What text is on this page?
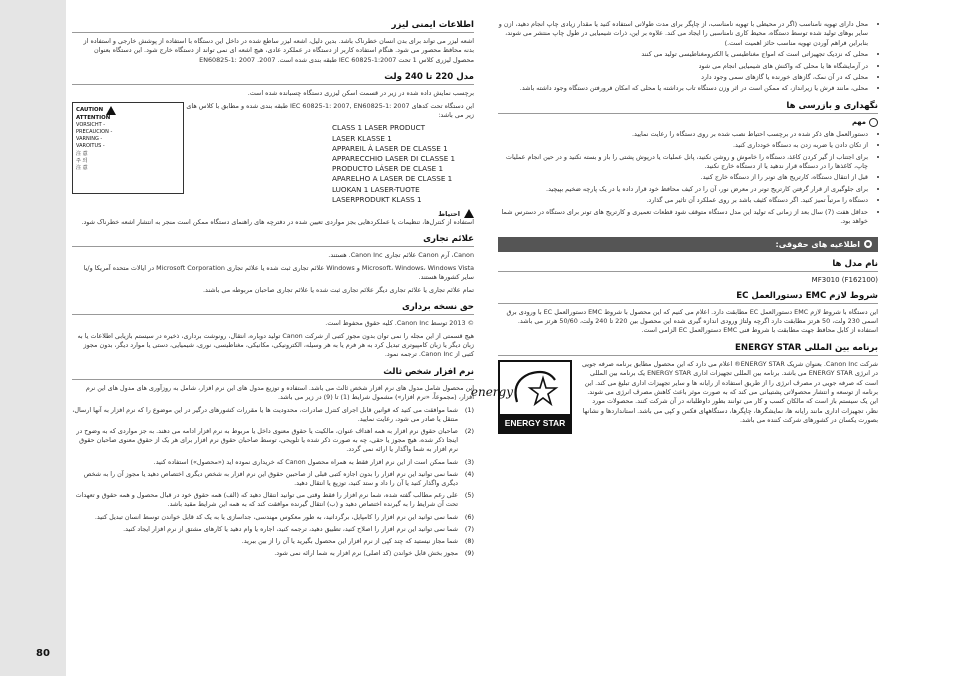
80
اطلاعات ایمنی لیزر

اشعه لیزر می تواند برای بدن انسان خطرناک باشد. بدین دلیل، اشعه لیزر ساطع شده در داخل این دستگاه با استفاده از پوشش خارجی و استفاده از بدنه محافظ محصور می شود. هنگام استفاده کاربر از دستگاه در عملکرد عادی، هیچ اشعه ای نمی تواند از دستگاه خارج شود. این دستگاه بعنوان محصول لیزری کلاس 1 تحت IEC 60825-1:2007 طبقه بندی شده است. EN60825-1: 2007 .2007

مدل 220 تا 240 ولت

برچسب نمایش داده شده در زیر در قسمت اسکن لیزری دستگاه چسبانده شده است.

CAUTION
ATTENTION
VORSICHT -
PRECAUCION -
VARNING -
VAROITUS -
注 意
주 의
注 意

این دستگاه تحت کدهای IEC 60825-1: 2007, EN60825-1: 2007 طبقه بندی شده و مطابق با کلاس های زیر می باشد:

CLASS 1 LASER PRODUCT
LASER KLASSE 1
APPAREIL À LASER DE CLASSE 1
APPARECCHIO LASER DI CLASSE 1
PRODUCTO LÁSER DE CLASE 1
APARELHO A LASER DE CLASSE 1
LUOKAN 1 LASER-TUOTE
LASERPRODUKT KLASS 1
احتیاط

استفاده از کنترل‌ها، تنظیمات یا عملکردهایی بجز مواردی تعیین شده در دفترچه های راهنمای دستگاه ممکن است منجر به انتشار اشعه خطرناک شود.

علائم تجاری

Canon، آرم Canon علائم تجاری Canon Inc. هستند.

Microsoft، Windows، Windows Vista و Windows علائم تجاری ثبت شده یا علائم تجاری Microsoft Corporation در ایالات متحده آمریکا و/یا سایر کشورها هستند.

تمام علائم تجاری یا علائم تجاری دیگر علائم تجاری ثبت شده یا علائم تجاری صاحبان مربوطه می باشند.

حق نسخه برداری

© 2013 توسط Canon Inc. کلیه حقوق محفوظ است.

هیچ قسمتی از این مجله را نمی توان بدون مجوز کتبی از شرکت Canon تولید دوباره، انتقال، رونوشت برداری، ذخیره در سیستم بازیابی اطلاعات یا به زبان دیگر یا زبان کامپیوتری تبدیل کرد به هر فرم یا به هر وسیله، الکترونیکی، مکانیکی، مغناطیسی، نوری، شیمیایی، دستی یا موارد دیگر، بدون مجوز کتبی از Canon Inc. ترجمه نمود.

نرم افزار شخص ثالث

این محصول شامل مدول های نرم افزار شخص ثالث می باشد. استفاده و توزیع مدول های این نرم افزار، شامل به روزآوری های مدول های این نرم افزار، (مجموعاً، «نرم افزار») مشمول شرایط (1) تا (9) در زیر می باشد.

(1)
شما موافقت می کنید که قوانین قابل اجرای کنترل صادرات، محدودیت ها یا مقررات کشورهای درگیر در این موضوع را که نرم افزار به آنها ارسال، منتقل یا صادر می شود، رعایت نمایید.
(2)
صاحبان حقوق نرم افزار به همه اهداف عنوان، مالکیت یا حقوق معنوی داخل یا مربوط به نرم افزار ادامه می دهند. به جز مواردی که به وضوح در اینجا ذکر شده، هیچ مجوز یا حقی، چه به صورت ذکر شده یا تلویحی، توسط صاحبان حقوق نرم افزار برای هر یک از حقوق معنوی صاحبان حقوق نرم افزار به شما واگذار یا ارائه نمی گردد.
(3)
شما ممکن است از این نرم افزار فقط به همراه محصول Canon که خریداری نموده اید («محصول») استفاده کنید.
(4)
شما نمی توانید این نرم افزار را بدون اجازه کتبی قبلی از صاحبین حقوق این نرم افزار به شخص دیگری اختصاص دهید یا مجوز آن را به شخص دیگری واگذار کنید یا آن را داد و ستد کنید، توزیع یا انتقال دهید.
(5)
علی رغم مطالب گفته شده، شما نرم افزار را فقط وقتی می توانید انتقال دهید که (الف) همه حقوق خود در قبال محصول و همه حقوق و تعهدات تحت آن شرایط را به گیرنده اختصاص دهید و (ب) انتقال گیرنده موافقت کند که به همه این شرایط مقید باشد.
(6)
شما نمی توانید این نرم افزار را کامپایل، برگردانید، به طور معکوس مهندسی، جداسازی یا به یک کد قابل خواندن توسط انسان تبدیل کنید.
(7)
شما نمی توانید این نرم افزار را اصلاح کنید، تطبیق دهید، ترجمه کنید، اجاره یا وام دهید یا کارهای مشتق از نرم افزار ایجاد کنید.
(8)
شما مجاز نیستید که چند کپی از نرم افزار این محصول بگیرید یا آن را از بین ببرید.
(9)
مجوز بخش قابل خواندن (کد اصلی) نرم افزار به شما ارائه نمی شود.
• محل دارای تهویه نامناسب (اگر در محیطی با تهویه نامناسب، از چاپگر برای مدت طولانی استفاده کنید یا مقدار زیادی چاپ انجام دهید، ازن و سایر بوهای تولید شده توسط دستگاه، محیط کاری نامناسبی را ایجاد می کند. علاوه بر این، ذرات شیمیایی در طول چاپ منتشر می شوند، بنابراین فراهم آوردن تهویه مناسب حائز اهمیت است.)
• محلی که نزدیک تجهیزاتی است که امواج مغناطیسی یا الکترومغناطیسی تولید می کنند
• در آزمایشگاه ها یا محلی که واکنش های شیمیایی انجام می شود
• محلی که در آن نمک، گازهای خورنده یا گازهای سمی وجود دارد
• محلی، مانند فرش یا زیرانداز، که ممکن است در اثر وزن دستگاه تاب برداشته یا محلی که امکان فرورفتن دستگاه وجود داشته باشد.
نگهداری و بازرسی ها
مهم
• دستورالعمل های ذکر شده در برچسب احتیاط نصب شده بر روی دستگاه را رعایت نمایید.
• از تکان دادن یا ضربه زدن به دستگاه خودداری کنید.
• برای اجتناب از گیر کردن کاغذ، دستگاه را خاموش و روشن نکنید، پانل عملیات یا درپوش پشتی را باز و بسته نکنید و در حین انجام عملیات چاپ، کاغذها را در دستگاه قرار ندهید یا از دستگاه خارج نکنید.
• قبل از انتقال دستگاه، کارتریج های تونر را از دستگاه خارج کنید.
• برای جلوگیری از قرار گرفتن کارتریج تونر در معرض نور، آن را در کیف محافظ خود قرار داده یا در یک پارچه ضخیم بپیچید.
• دستگاه را مرتباً تمیز کنید. اگر دستگاه کثیف باشد بر روی عملکرد آن تاثیر می گذارد.
• حداقل هفت (7) سال بعد از زمانی که تولید این مدل دستگاه متوقف شود قطعات تعمیری و کارتریج های تونر برای دستگاه در دسترس شما خواهد بود.
اطلاعیه های حقوقی:
نام مدل ها
MF3010 (F162100)
شروط لازم EMC دستورالعمل EC

این دستگاه با شروط لازم EMC دستورالعمل EC مطابقت دارد. اعلام می کنیم که این محصول با شروط EMC دستورالعمل EC با ورودی برق اسمی 230 ولت، 50 هرتز مطابقت دارد اگرچه ولتاژ ورودی اندازه گیری شده این محصول بین 220 تا 240 ولت، 50/60 هرتز می باشد. استفاده از کابل محافظ جهت مطابقت با شروط فنی EMC دستورالعمل EC الزامی است.

برنامه بین المللی ENERGY STAR

شرکت Canon Inc. بعنوان شریک ENERGY STAR® اعلام می دارد که این محصول مطابق برنامه صرفه جویی در انرژی ENERGY STAR می باشد. برنامه بین المللی تجهیزات اداری ENERGY STAR یک برنامه بین المللی است که صرفه جویی در مصرف انرژی را از طریق استفاده از رایانه ها و سایر تجهیزات اداری تبلیغ می کند. این برنامه از توسعه و انتشار محصولاتی پشتیبانی می کند که به صورت موثر باعث کاهش مصرف انرژی می شوند. این یک سیستم باز است که مالکان کسب و کار می توانند بطور داوطلبانه در آن شرکت کنند. محصولات مورد نظر، تجهیزات اداری مانند رایانه ها، نمایشگرها، چاپگرها، دستگاههای فکس و کپی می باشد. استانداردها و نشانها بصورت یکسان در کشورهای شرکت کننده می باشد.

energy
ENERGY STAR
